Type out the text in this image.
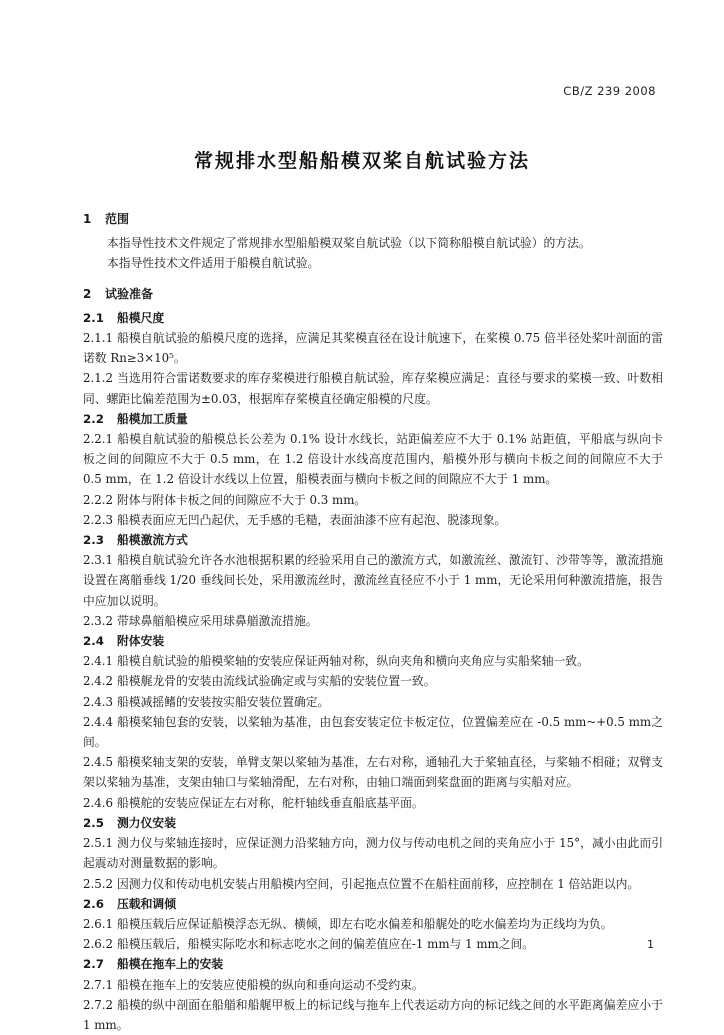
CB/Z 239 2008
常规排水型船船模双桨自航试验方法
1 范围
本指导性技术文件规定了常规排水型船船模双桨自航试验（以下简称船模自航试验）的方法。
本指导性技术文件适用于船模自航试验。
2 试验准备
2.1 船模尺度
2.1.1 船模自航试验的船模尺度的选择，应满足其桨模直径在设计航速下，在桨模 0.75 倍半径处桨叶剖面的雷诺数 Rn≥3×10⁵。
2.1.2 当选用符合雷诺数要求的库存桨模进行船模自航试验，库存桨模应满足：直径与要求的桨模一致、叶数相同、螺距比偏差范围为±0.03，根据库存桨模直径确定船模的尺度。
2.2 船模加工质量
2.2.1 船模自航试验的船模总长公差为 0.1% 设计水线长，站距偏差应不大于 0.1% 站距值，平船底与纵向卡板之间的间隙应不大于 0.5 mm，在 1.2 倍设计水线高度范围内，船模外形与横向卡板之间的间隙应不大于 0.5 mm，在 1.2 倍设计水线以上位置，船模表面与横向卡板之间的间隙应不大于 1 mm。
2.2.2 附体与附体卡板之间的间隙应不大于 0.3 mm。
2.2.3 船模表面应无凹凸起伏，无手感的毛糙，表面油漆不应有起泡、脱漆现象。
2.3 船模激流方式
2.3.1 船模自航试验允许各水池根据积累的经验采用自己的激流方式，如激流丝、激流钉、沙带等等，激流措施设置在离艏垂线 1/20 垂线间长处，采用激流丝时，激流丝直径应不小于 1 mm，无论采用何种激流措施，报告中应加以说明。
2.3.2 带球鼻艏船模应采用球鼻艏激流措施。
2.4 附体安装
2.4.1 船模自航试验的船模桨轴的安装应保证两轴对称，纵向夹角和横向夹角应与实船桨轴一致。
2.4.2 船模艉龙骨的安装由流线试验确定或与实船的安装位置一致。
2.4.3 船模减摇鳍的安装按实船安装位置确定。
2.4.4 船模桨轴包套的安装，以桨轴为基准，由包套安装定位卡板定位，位置偏差应在 -0.5 mm~+0.5 mm之间。
2.4.5 船模桨轴支架的安装，单臂支架以桨轴为基准，左右对称，通轴孔大于桨轴直径，与桨轴不相碰；双臂支架以桨轴为基准，支架由轴口与桨轴滑配，左右对称，由轴口端面到桨盘面的距离与实船对应。
2.4.6 船模舵的安装应保证左右对称，舵杆轴线垂直船底基平面。
2.5 测力仪安装
2.5.1 测力仪与桨轴连接时，应保证测力沿桨轴方向，测力仪与传动电机之间的夹角应小于 15°，减小由此而引起震动对测量数据的影响。
2.5.2 因测力仪和传动电机安装占用船模内空间，引起拖点位置不在船柱面前移，应控制在 1 倍站距以内。
2.6 压载和调倾
2.6.1 船模压载后应保证船模浮态无纵、横倾，即左右吃水偏差和船艉处的吃水偏差均为正线均为负。
2.6.2 船模压载后，船模实际吃水和标志吃水之间的偏差值应在-1 mm与 1 mm之间。
2.7 船模在拖车上的安装
2.7.1 船模在拖车上的安装应使船模的纵向和垂向运动不受约束。
2.7.2 船模的纵中剖面在船艏和船艉甲板上的标记线与拖车上代表运动方向的标记线之间的水平距离偏差应小于 1 mm。
1
